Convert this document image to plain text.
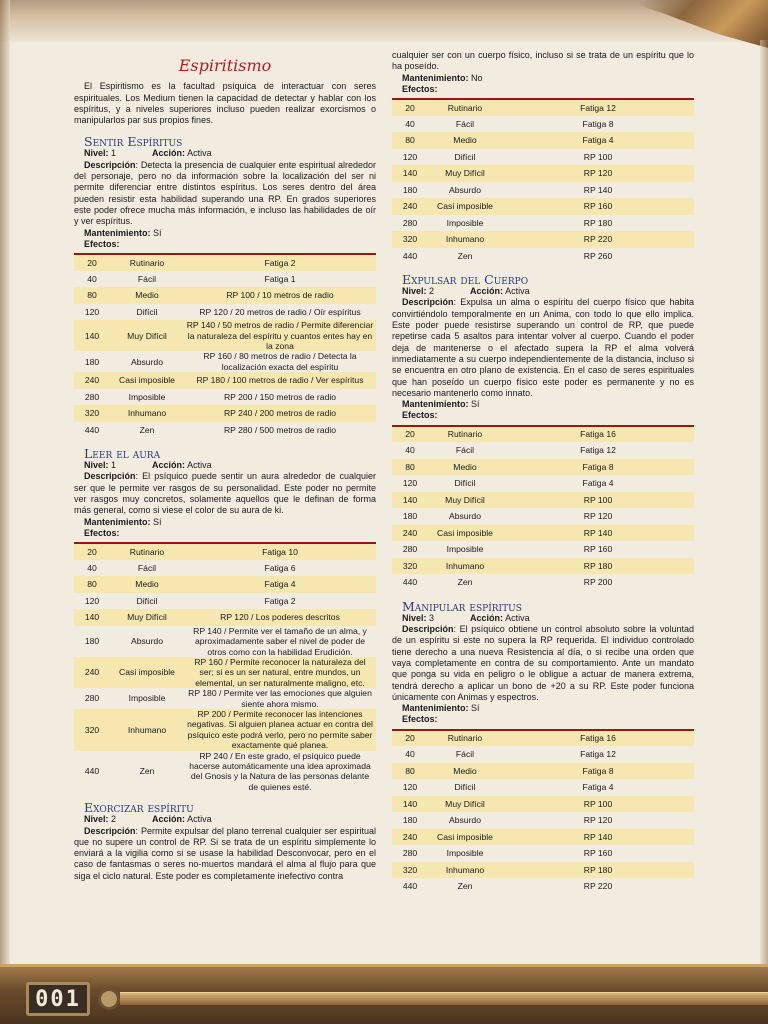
001
Espiritismo

El Espiritismo es la facultad psíquica de interactuar con seres espirituales. Los Medium tienen la capacidad de detectar y hablar con los espíritus, y a niveles superiores incluso pueden realizar exorcismos o manipularlos par sus propios fines.

Sentir Espíritus
Nivel: 1	Acción: Activa

Descripción: Detecta la presencia de cualquier ente espiritual alrededor del personaje, pero no da información sobre la localización del ser ni permite diferenciar entre distintos espíritus. Los seres dentro del área pueden resistir esta habilidad superando una RP. En grados superiores este poder ofrece mucha más información, e incluso las habilidades de oír y ver espíritus.

Mantenimiento: Sí
Efectos:
20	Rutinario	Fatiga 2
40	Fácil	Fatiga 1
80	Medio	RP 100 / 10 metros de radio
120	Difícil	RP 120 / 20 metros de radio / Oír espíritus
140	Muy Difícil	RP 140 / 50 metros de radio / Permite diferenciar la naturaleza del espíritu y cuantos entes hay en la zona
180	Absurdo	RP 160 / 80 metros de radio / Detecta la localización exacta del espíritu
240	Casi imposible	RP 180 / 100 metros de radio / Ver espíritus
280	Imposible	RP 200 / 150 metros de radio
320	Inhumano	RP 240 / 200 metros de radio
440	Zen	RP 280 / 500 metros de radio
Leer el aura
Nivel: 1	Acción: Activa

Descripción: El psíquico puede sentir un aura alrededor de cualquier ser que le permite ver rasgos de su personalidad. Este poder no permite ver rasgos muy concretos, solamente aquellos que le definan de forma más general, como si viese el color de su aura de ki.

Mantenimiento: Sí
Efectos:
20	Rutinario	Fatiga 10
40	Fácil	Fatiga 6
80	Medio	Fatiga 4
120	Difícil	Fatiga 2
140	Muy Difícil	RP 120 / Los poderes descritos
180	Absurdo	RP 140 / Permite ver el tamaño de un alma, y aproximadamente saber el nivel de poder de otros como con la habilidad Erudición.
240	Casi imposible	RP 160 / Permite reconocer la naturaleza del ser; si es un ser natural, entre mundos, un elemental, un ser naturalmente maligno, etc.
280	Imposible	RP 180 / Permite ver las emociones que alguien siente ahora mismo.
320	Inhumano	RP 200 / Permite reconocer las intenciones negativas. Si alguien planea actuar en contra del psíquico este podrá verlo, pero no permite saber exactamente qué planea.
440	Zen	RP 240 / En este grado, el psíquico puede hacerse automáticamente una idea aproximada del Gnosis y la Natura de las personas delante de quienes esté.
Exorcizar espíritu
Nivel: 2	Acción: Activa

Descripción: Permite expulsar del plano terrenal cualquier ser espiritual que no supere un control de RP. Si se trata de un espíritu simplemente lo enviará a la vigilia como si se usase la habilidad Desconvocar, pero en el caso de fantasmas o seres no-muertos mandará el alma al flujo para que siga el ciclo natural. Este poder es completamente inefectivo contra

cualquier ser con un cuerpo físico, incluso si se trata de un espíritu que lo ha poseído.

Mantenimiento: No
Efectos:
20	Rutinario	Fatiga 12
40	Fácil	Fatiga 8
80	Medio	Fatiga 4
120	Difícil	RP 100
140	Muy Difícil	RP 120
180	Absurdo	RP 140
240	Casi imposible	RP 160
280	Imposible	RP 180
320	Inhumano	RP 220
440	Zen	RP 260
Expulsar del Cuerpo
Nivel: 2	Acción: Activa

Descripción: Expulsa un alma o espíritu del cuerpo físico que habita convirtiéndolo temporalmente en un Anima, con todo lo que ello implica. Este poder puede resistirse superando un control de RP, que puede repetirse cada 5 asaltos para intentar volver al cuerpo. Cuando el poder deja de mantenerse o el afectado supera la RP el alma volverá inmediatamente a su cuerpo independientemente de la distancia, incluso si se encuentra en otro plano de existencia. En el caso de seres espirituales que han poseído un cuerpo físico este poder es permanente y no es necesario mantenerlo como innato.

Mantenimiento: Sí
Efectos:
20	Rutinario	Fatiga 16
40	Fácil	Fatiga 12
80	Medio	Fatiga 8
120	Difícil	Fatiga 4
140	Muy Difícil	RP 100
180	Absurdo	RP 120
240	Casi imposible	RP 140
280	Imposible	RP 160
320	Inhumano	RP 180
440	Zen	RP 200
Manipular espíritus
Nivel: 3	Acción: Activa

Descripción: El psíquico obtiene un control absoluto sobre la voluntad de un espíritu si este no supera la RP requerida. El individuo controlado tiene derecho a una nueva Resistencia al día, o si recibe una orden que vaya completamente en contra de su comportamiento. Ante un mandato que ponga su vida en peligro o le obligue a actuar de manera extrema, tendrá derecho a aplicar un bono de +20 a su RP. Este poder funciona únicamente con Animas y espectros.

Mantenimiento: Sí
Efectos:
20	Rutinario	Fatiga 16
40	Fácil	Fatiga 12
80	Medio	Fatiga 8
120	Difícil	Fatiga 4
140	Muy Difícil	RP 100
180	Absurdo	RP 120
240	Casi imposible	RP 140
280	Imposible	RP 160
320	Inhumano	RP 180
440	Zen	RP 220
